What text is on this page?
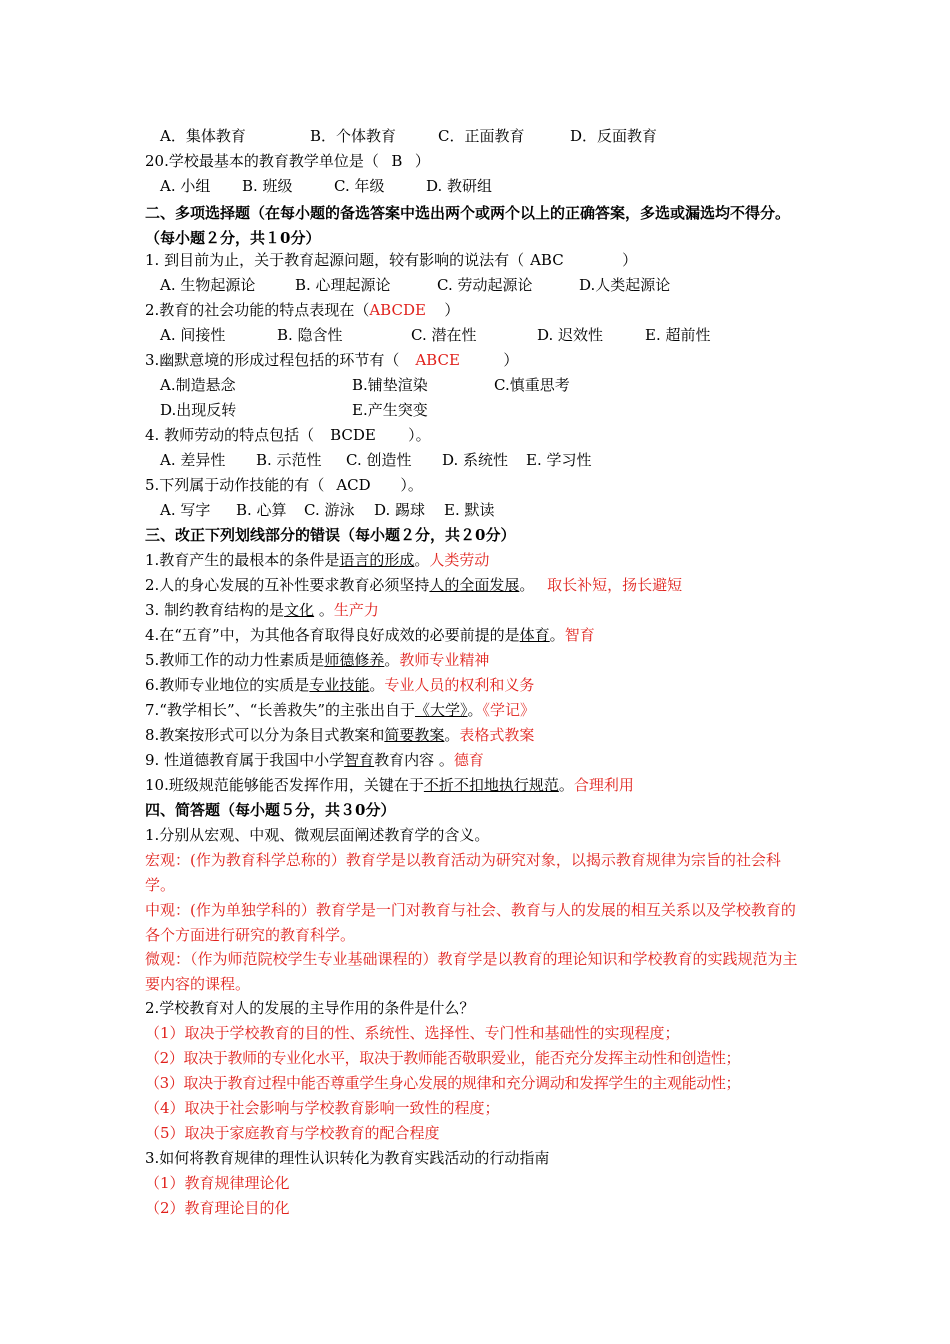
A．集体教育	B．个体教育	C．正面教育	D．反面教育
20.学校最基本的教育教学单位是（ B ）
A. 小组 B. 班级	C. 年级	D. 教研组
二、多项选择题（在每小题的备选答案中选出两个或两个以上的正确答案，多选或漏选均不得分。（每小题２分，共１0分）
1. 到目前为止，关于教育起源问题，较有影响的说法有（ ABC	）
A. 生物起源论	B. 心理起源论	C. 劳动起源论	D.人类起源论
2.教育的社会功能的特点表现在（ABCDE ）
A. 间接性	B. 隐含性	C. 潜在性	D. 迟效性	E. 超前性
3.幽默意境的形成过程包括的环节有（ ABCE	）
A.制造悬念	B.铺垫渲染	C.慎重思考
D.出现反转	E.产生突变
4. 教师劳动的特点包括（ BCDE ）。
A. 差异性 B. 示范性 C. 创造性 D. 系统性 E. 学习性
5.下列属于动作技能的有（ ACD ）。
A. 写字 B. 心算 C. 游泳 D. 踢球 E. 默读
三、改正下列划线部分的错误（每小题２分，共２0分）
1.教育产生的最根本的条件是语言的形成。人类劳动
2.人的身心发展的互补性要求教育必须坚持人的全面发展。 取长补短，扬长避短
3. 制约教育结构的是文化 。生产力
4.在“五育”中，为其他各育取得良好成效的必要前提的是体育。智育
5.教师工作的动力性素质是师德修养。教师专业精神
6.教师专业地位的实质是专业技能。专业人员的权利和义务
7.“教学相长”、“长善救失”的主张出自于《大学》。《学记》
8.教案按形式可以分为条目式教案和简要教案。表格式教案
9. 性道德教育属于我国中小学智育教育内容 。德育
10.班级规范能够能否发挥作用，关键在于不折不扣地执行规范。合理利用
四、简答题（每小题５分，共３0分）
1.分别从宏观、中观、微观层面阐述教育学的含义。
宏观：(作为教育科学总称的）教育学是以教育活动为研究对象，以揭示教育规律为宗旨的社会科学。
中观：(作为单独学科的）教育学是一门对教育与社会、教育与人的发展的相互关系以及学校教育的各个方面进行研究的教育科学。
微观：（作为师范院校学生专业基础课程的）教育学是以教育的理论知识和学校教育的实践规范为主要内容的课程。
2.学校教育对人的发展的主导作用的条件是什么？
（1）取决于学校教育的目的性、系统性、选择性、专门性和基础性的实现程度；
（2）取决于教师的专业化水平，取决于教师能否敬职爱业，能否充分发挥主动性和创造性；
（3）取决于教育过程中能否尊重学生身心发展的规律和充分调动和发挥学生的主观能动性；
（4）取决于社会影响与学校教育影响一致性的程度；
（5）取决于家庭教育与学校教育的配合程度
3.如何将教育规律的理性认识转化为教育实践活动的行动指南
（1）教育规律理论化
（2）教育理论目的化
